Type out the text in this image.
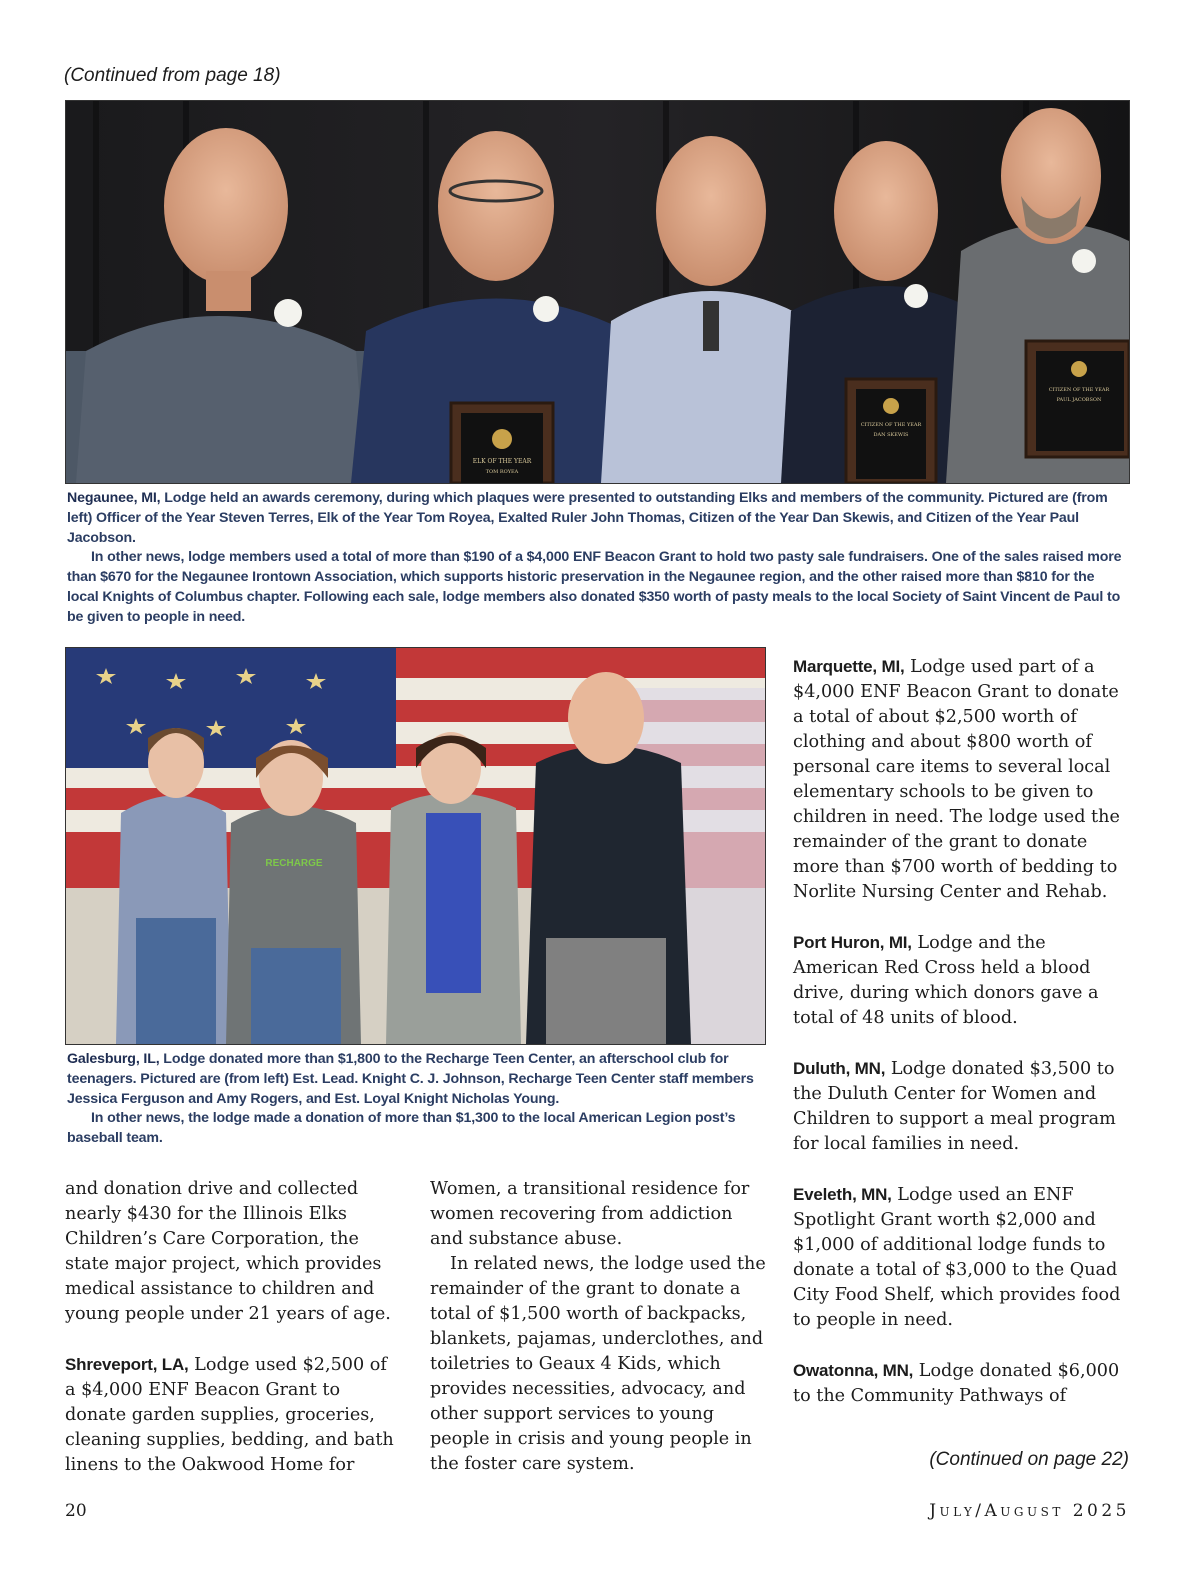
(Continued from page 18)
ELK OF THE YEAR
TOM ROYEA
CITIZEN OF THE YEAR
DAN SKEWIS
CITIZEN OF THE YEAR
PAUL JACOBSON

Negaunee, MI, Lodge held an awards ceremony, during which plaques were presented to outstanding Elks and members of the community. Pictured are (from left) Officer of the Year Steven Terres, Elk of the Year Tom Royea, Exalted Ruler John Thomas, Citizen of the Year Dan Skewis, and Citizen of the Year Paul Jacobson.

In other news, lodge members used a total of more than $190 of a $4,000 ENF Beacon Grant to hold two pasty sale fundraisers. One of the sales raised more than $670 for the Negaunee Irontown Association, which supports historic preservation in the Negaunee region, and the other raised more than $810 for the local Knights of Columbus chapter. Following each sale, lodge members also donated $350 worth of pasty meals to the local Society of Saint Vincent de Paul to be given to people in need.

RECHARGE

Galesburg, IL, Lodge donated more than $1,800 to the Recharge Teen Center, an afterschool club for teenagers. Pictured are (from left) Est. Lead. Knight C. J. Johnson, Recharge Teen Center staff members Jessica Ferguson and Amy Rogers, and Est. Loyal Knight Nicholas Young.

In other news, the lodge made a donation of more than $1,300 to the local American Legion post’s baseball team.

and donation drive and collected nearly $430 for the Illinois Elks Children’s Care Corporation, the state major project, which provides medical assistance to children and young people under 21 years of age.

Shreveport, LA, Lodge used $2,500 of a $4,000 ENF Beacon Grant to donate garden supplies, groceries, cleaning supplies, bedding, and bath linens to the Oakwood Home for

Women, a transitional residence for women recovering from addiction and substance abuse.

In related news, the lodge used the remainder of the grant to donate a total of $1,500 worth of backpacks, blankets, pajamas, underclothes, and toiletries to Geaux 4 Kids, which provides necessities, advocacy, and other support services to young people in crisis and young people in the foster care system.

Marquette, MI, Lodge used part of a $4,000 ENF Beacon Grant to donate a total of about $2,500 worth of clothing and about $800 worth of personal care items to several local elementary schools to be given to children in need. The lodge used the remainder of the grant to donate more than $700 worth of bedding to Norlite Nursing Center and Rehab.

Port Huron, MI, Lodge and the American Red Cross held a blood drive, during which donors gave a total of 48 units of blood.

Duluth, MN, Lodge donated $3,500 to the Duluth Center for Women and Children to support a meal program for local families in need.

Eveleth, MN, Lodge used an ENF Spotlight Grant worth $2,000 and $1,000 of additional lodge funds to donate a total of $3,000 to the Quad City Food Shelf, which provides food to people in need.

Owatonna, MN, Lodge donated $6,000 to the Community Pathways of

(Continued on page 22)
20	July/August 2025
